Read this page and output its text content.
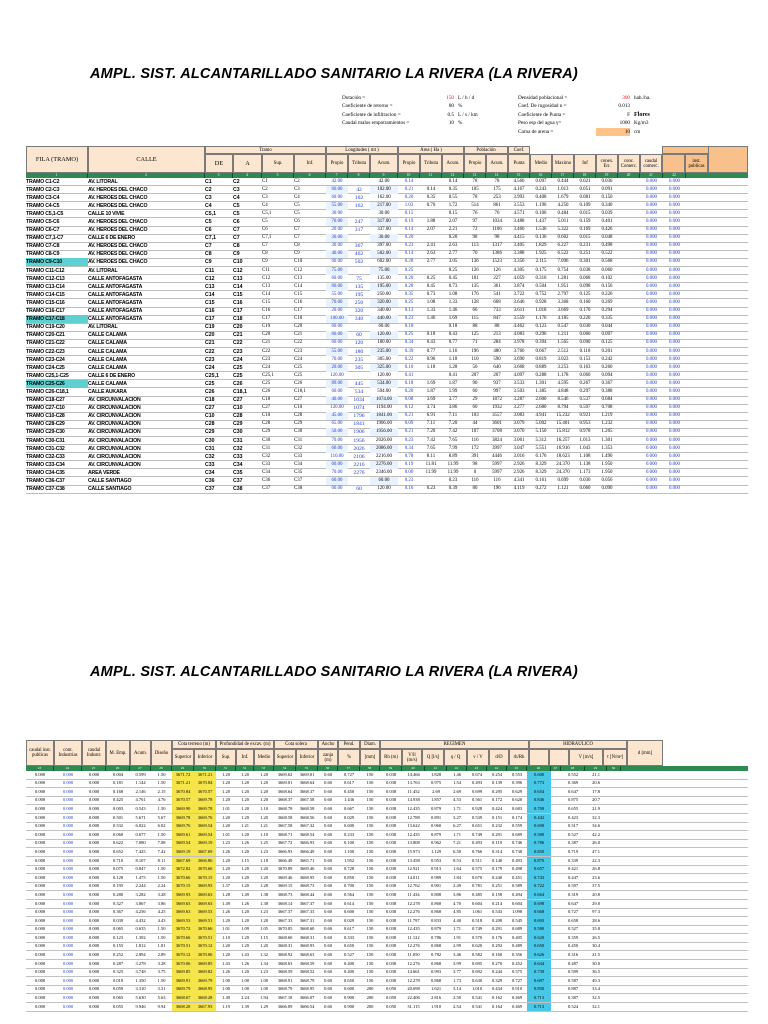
AMPL. SIST. ALCANTARILLADO SANITARIO LA RIVERA (LA RIVERA)
Dotación =	150 L / h / d
Coeficiente de retorno =	80 %
Coeficiente de infiltracion =	0.5 L / s / km
Caudal malos empotramientos =	10 %
Densidad poblacional =	300 hab./ha.
Coef. De rugosidad n =	0.013
Coeficiente de Punta =	F Flores
Peso esp del agua γ=	1000 Kg/m3
Carna de arena =	10 cm
FILA (TRAMO)	CALLE
Tramo
DE	A	Sup.	Inf.
Longitudes ( mt )
Propio	Tributa	Acum.
Área ( Ha )
Propio	Tributa	Acum.
Población
Propio	Acum.
Coef.
Punta	Medio	Maximo	Inf	conex. Err.
conc. Comerc.
caudal comerc.
inst. publicas
1	2	3	4	5	6	7	8	9	10	11	12	13	14	15	16	17	18	19	20	21	22
TRAMO C1-C2	AV. LITORAL	C1	C2	C1	C2	42.00	42.00	0.14	0.14	78	78	4.566	0.097	0.444	0.021	0.036	0.000	0.000
TRAMO C2-C3	AV. HEROES DEL CHACO	C2	C3	C2	C3	60.00	42	102.00	0.21	0.14	0.35	105	175	4.167	0.243	1.013	0.051	0.091	0.000	0.000
TRAMO C3-C4	AV. HEROES DEL CHACO	C3	C4	C3	C4	60.00	102	162.00	0.20	0.35	0.55	78	253	3.993	0.408	1.679	0.081	0.150	0.000	0.000
TRAMO C4-C5	AV. HEROES DEL CHACO	C4	C5	C4	C5	55.00	162	217.00	1.03	0.70	1.72	514	861	3.553	1.196	4.250	0.109	0.340	0.000	0.000
TRAMO C5,1-C5	CALLE 10 VIVIE	C5,1	C5	C5,1	C5	30.00	30.00	0.15	0.15	76	76	4.571	0.106	0.484	0.015	0.039	0.000	0.000
TRAMO C5-C6	AV. HEROES DEL CHACO	C5	C6	C5	C6	70.00	247	317.00	0.19	1.88	2.07	97	1034	3.488	1.437	5.011	0.159	0.401	0.000	0.000
TRAMO C6-C7	AV. HEROES DEL CHACO	C6	C7	C6	C7	20.00	317	337.00	0.14	2.07	2.21	72	1106	3.466	1.536	5.322	0.169	0.426	0.000	0.000
TRAMO C7,1-C7	CALLE 6 DE ENERO	C7,1	C7	C7,1	C7	30.00	30.00	0.20	0.20	98	98	4.415	0.136	0.602	0.015	0.048	0.000	0.000
TRAMO C7-C8	AV. HEROES DEL CHACO	C7	C8	C7	C8	30.00	367	397.00	0.23	2.41	2.63	113	1317	3.405	1.829	6.227	0.231	0.498	0.000	0.000
TRAMO C8-C9	AV. HEROES DEL CHACO	C8	C9	C8	C9	40.00	462	502.00	0.14	2.63	2.77	70	1386	3.388	1.925	6.522	0.251	0.522	0.000	0.000
TRAMO C9-C10	AV. HEROES DEL CHACO	C9	C10	C9	C10	60.00	502	602.00	0.28	2.77	3.05	136	1523	3.356	2.115	7.096	0.301	0.568	0.000	0.000
TRAMO C11-C12	AV. LITORAL	C11	C12	C11	C12	75.00	75.00	0.25	0.25	126	126	4.305	0.175	0.754	0.038	0.060	0.000	0.000
TRAMO C12-C13	CALLE ANTOFAGASTA	C12	C13	C12	C13	60.00	75	135.00	0.20	0.25	0.45	101	227	4.059	0.316	1.281	0.068	0.102	0.000	0.000
TRAMO C13-C14	CALLE ANTOFAGASTA	C13	C14	C13	C14	60.00	135	195.00	0.28	0.45	0.73	135	361	3.874	0.504	1.951	0.098	0.156	0.000	0.000
TRAMO C14-C15	CALLE ANTOFAGASTA	C14	C15	C14	C15	55.00	195	250.00	0.35	0.73	1.08	176	541	3.722	0.752	2.797	0.125	0.226	0.000	0.000
TRAMO C15-C16	CALLE ANTOFAGASTA	C15	C16	C15	C16	70.00	250	320.00	0.25	1.08	1.33	128	668	3.646	0.928	3.368	0.160	0.269	0.000	0.000
TRAMO C16-C17	CALLE ANTOFAGASTA	C16	C17	C16	C17	20.00	320	340.00	0.13	1.33	1.46	66	733	3.611	1.018	3.669	0.170	0.294	0.000	0.000
TRAMO C17-C18	CALLE ANTOFAGASTA	C17	C18	C17	C18	100.00	340	440.00	0.23	1.46	1.69	115	847	3.559	1.176	4.185	0.220	0.335	0.000	0.000
TRAMO C19-C20	AV. LITORAL	C19	C20	C19	C20	60.00	60.00	0.18	0.18	88	88	4.462	0.123	0.547	0.030	0.044	0.000	0.000
TRAMO C20-C21	CALLE CALAMA	C20	C21	C20	C21	60.00	60	120.00	0.25	0.18	0.43	125	213	4.083	0.296	1.211	0.060	0.097	0.000	0.000
TRAMO C21-C22	CALLE CALAMA	C21	C22	C21	C22	60.00	120	180.00	0.34	0.43	0.77	71	284	3.978	0.394	1.565	0.090	0.125	0.000	0.000
TRAMO C22-C23	CALLE CALAMA	C22	C23	C22	C23	55.00	180	235.00	0.39	0.77	1.16	196	480	3.766	0.667	2.512	0.118	0.201	0.000	0.000
TRAMO C23-C24	CALLE CALAMA	C23	C24	C23	C24	70.00	235	305.00	0.22	0.96	1.18	110	590	3.690	0.819	3.023	0.153	0.242	0.000	0.000
TRAMO C24-C25	CALLE CALAMA	C24	C25	C24	C25	20.00	305	325.00	0.10	1.18	1.28	50	640	3.668	0.889	3.253	0.163	0.260	0.000	0.000
TRAMO C25,1-C25	CALLE 6 DE ENERO	C25,1	C25	C25,1	C25	120.00	120.00	0.41	0.41	207	207	4.097	0.288	1.178	0.060	0.094	0.000	0.000
TRAMO C25-C26	CALLE CALAMA	C25	C26	C25	C26	89.00	445	534.00	0.18	1.69	1.87	90	937	3.533	1.301	4.595	0.267	0.367	0.000	0.000
TRAMO C26-C18,1	CALLE AUKARA	C26	C18,1	C26	C18,1	60.00	534	594.00	0.20	1.87	1.99	60	997	3.503	1.385	4.848	0.297	0.388	0.000	0.000
TRAMO C18-C27	AV. CIRCUNVALACION	C18	C27	C18	C27	40.00	1034	1074.00	0.08	3.69	3.77	29	1872	3.287	2.600	8.546	0.537	0.684	0.000	0.000
TRAMO C27-C10	AV. CIRCUNVALACION	C27	C10	C27	C10	120.00	1074	1194.00	0.12	3.74	3.86	60	1932	3.277	2.680	8.794	0.597	0.708	0.000	0.000
TRAMO C10-C28	AV. CIRCUNVALACION	C10	C28	C10	C28	45.00	1796	1841.00	0.21	6.91	7.11	103	3557	3.083	4.941	15.232	0.921	1.219	0.000	0.000
TRAMO C28-C29	AV. CIRCUNVALACION	C28	C29	C28	C29	65.00	1841	1906.00	0.09	7.11	7.20	44	3601	3.079	5.002	15.401	0.953	1.232	0.000	0.000
TRAMO C29-C30	AV. CIRCUNVALACION	C29	C30	C29	C30	50.00	1906	1956.00	0.21	7.20	7.42	107	3708	3.070	5.150	15.812	0.978	1.265	0.000	0.000
TRAMO C30-C31	AV. CIRCUNVALACION	C30	C31	C30	C31	70.00	1956	2026.00	0.23	7.42	7.65	116	3824	3.061	5.312	16.257	1.013	1.301	0.000	0.000
TRAMO C31-C32	AV. CIRCUNVALACION	C31	C32	C31	C32	60.00	2026	2086.00	0.34	7.65	7.99	172	3997	3.047	5.551	16.916	1.043	1.353	0.000	0.000
TRAMO C32-C33	AV. CIRCUNVALACION	C32	C33	C32	C33	110.00	2106	2216.00	0.78	8.11	8.89	391	4446	3.016	6.176	18.623	1.108	1.490	0.000	0.000
TRAMO C33-C34	AV. CIRCUNVALACION	C33	C34	C33	C34	60.00	2216	2276.00	0.19	11.81	11.99	98	5997	2.926	8.329	24.370	1.138	1.950	0.000	0.000
TRAMO C34-C35	AREA VERDE	C34	C35	C34	C35	70.00	2276	2346.00	0.00	11.99	11.99	0	5997	2.926	8.329	24.370	1.173	1.950	0.000	0.000
TRAMO C36-C37	CALLE SANTIAGO	C36	C37	C36	C37	60.00	60.00	0.23	0.23	116	116	4.341	0.161	0.699	0.030	0.056	0.000	0.000
TRAMO C37-C38	CALLE SANTIAGO	C37	C38	C37	C38	60.00	60	120.00	0.16	0.23	0.39	80	196	4.119	0.272	1.121	0.060	0.090	0.000	0.000
AMPL. SIST. ALCANTARILLADO SANITARIO LA RIVERA (LA RIVERA)
caudal inst. publicas
cont. Industrias
caudal Industr.	M. Emp.	Acum.	Diseño
Cota terreno (m)
Superior	Inferior
Profundidad de excav. (m)
Sup.	Inf.	Medio
Cota solera
Superior	Inferior
Ancho
zanja (m)
Pend.
%
Diam.
[mm]	Rh (m)	V/ll (m/s)	Q [l/s]	q / Q	v / V	d/D	rh/Rh
REGIMEN	HIDRAULICO
V [m/s]	τ [N/m²]
d [mm]
23	24	25	26	27	28	29	30	31	32	33	34	35	36	37	38	39	40	41	42	43	44	45	46	47	48	49	50
0.000	0.000	0.000	0.004	0.599	1.50	3671.72	3671.21	1.20	1.20	1.20	3669.62	3669.01	0.60	0.727	150	0.038	14.466	1.828	1.46	0.674	0.254	0.553	0.600	0.552	21.1
0.000	0.000	0.000	0.181	1.144	1.50	3671.21	3670.84	1.20	1.20	1.20	3669.01	3668.64	0.60	0.617	150	0.038	13.763	0.975	1.54	0.493	0.139	0.396	0.773	0.369	20.6
0.000	0.000	0.000	0.168	2.146	2.15	3670.84	3670.57	1.20	1.20	1.20	3668.64	3668.37	0.60	0.450	150	0.038	11.452	2.69	2.69	0.699	0.295	0.629	0.654	0.647	17.8
0.000	0.000	0.000	0.425	4.761	4.76	3670.57	3669.78	1.20	1.20	1.20	3668.37	3667.58	0.60	1.436	150	0.038	14.938	1.857	4.53	0.561	0.172	0.620	0.846	0.875	20.7
0.000	0.000	0.000	0.003	0.543	1.50	3669.90	3669.78	1.01	1.20	1.10	3668.78	3668.58	0.60	0.667	150	0.038	12.435	0.879	1.71	0.928	0.424	0.683	0.700	0.655	21.9
0.000	0.000	0.000	0.501	5.671	5.67	3669.78	3669.76	1.20	1.20	1.20	3668.58	3668.56	0.60	0.029	150	0.038	12.788	0.891	3.27	0.539	0.151	0.174	0.442	0.423	32.3
0.000	0.000	0.000	0.532	6.022	6.02	3669.76	3669.54	1.20	1.21	1.21	3667.58	3667.32	0.60	0.600	150	0.038	13.622	0.960	6.27	0.651	0.232	0.559	0.690	0.517	34.6
0.000	0.000	0.000	0.060	0.677	1.50	3669.61	3669.54	1.01	1.20	1.10	3668.71	3668.54	0.60	0.233	150	0.038	12.435	0.879	1.71	0.749	0.291	0.689	0.580	0.527	42.2
0.000	0.000	0.000	0.622	7.080	7.08	3669.54	3669.19	1.23	1.26	1.25	3667.72	3666.93	0.60	0.100	150	0.038	13.808	0.962	7.21	0.493	0.119	0.746	0.786	0.387	26.0
0.000	0.000	0.000	0.652	7.425	7.42	3669.19	3667.69	1.26	1.20	1.23	3666.93	3666.49	0.60	1.100	150	0.038	15.973	1.129	6.50	0.766	0.314	0.738	0.850	0.719	47.1
0.000	0.000	0.000	0.710	8.107	8.11	3667.69	3666.86	1.20	1.15	1.18	3666.49	3665.71	0.60	1.952	150	0.038	13.458	0.953	8.53	0.511	0.140	0.493	0.870	0.339	22.3
0.000	0.000	0.000	0.075	0.847	1.50	3672.02	3670.66	1.20	1.20	1.20	3670.89	3669.46	0.60	0.728	150	0.038	12.921	0.913	1.64	0.575	0.179	0.498	0.657	0.421	26.8
0.000	0.000	0.000	0.128	1.475	1.50	3670.66	3670.15	1.20	1.20	1.20	3669.46	3668.95	0.60	0.850	150	0.038	14.011	0.989	1.84	0.670	0.240	0.451	0.743	0.447	23.6
0.000	0.000	0.000	0.195	2.244	2.24	3670.15	3669.93	1.37	1.20	1.28	3669.15	3668.73	0.60	0.700	150	0.038	12.762	0.901	2.49	0.781	0.251	0.589	0.722	0.597	37.5
0.000	0.000	0.000	0.280	3.282	3.28	3669.93	3669.63	1.28	1.49	1.38	3668.73	3668.44	0.60	0.564	150	0.038	11.434	0.808	3.86	0.485	0.158	0.494	0.664	0.319	20.8
0.000	0.000	0.000	0.327	3.867	3.86	3669.63	3669.63	1.49	1.26	1.38	3668.14	3667.37	0.60	0.614	150	0.038	12.278	0.868	4.70	0.604	0.214	0.604	0.698	0.647	29.0
0.000	0.000	0.000	0.367	4.256	4.25	3669.63	3669.53	1.26	1.20	1.23	3667.37	3667.33	0.60	0.600	150	0.038	12.276	0.868	4.85	1.061	0.543	1.098	0.668	0.727	97.3
0.000	0.000	0.000	0.039	4.432	4.43	3669.53	3669.51	1.20	1.20	1.20	3667.33	3667.31	0.60	0.029	150	0.038	11.797	0.833	4.40	0.518	0.208	0.545	0.693	0.658	28.6
0.000	0.000	0.000	0.065	0.635	1.50	3670.72	3670.66	1.01	1.09	1.05	3670.05	3668.60	0.60	0.617	150	0.038	12.435	0.879	1.71	0.749	0.291	0.689	0.580	0.527	35.8
0.000	0.000	0.000	0.123	1.392	1.50	3670.66	3670.51	1.10	1.20	1.15	3668.60	3668.31	0.60	0.333	150	0.038	11.122	0.786	1.91	0.570	0.176	0.405	0.620	0.359	26.5
0.000	0.000	0.000	0.155	1.812	1.81	3670.51	3670.12	1.20	1.20	1.20	3668.31	3668.93	0.60	0.650	150	0.038	12.276	0.868	2.99	0.620	0.292	0.489	0.650	0.450	30.4
0.000	0.000	0.000	0.252	2.894	2.89	3670.12	3670.06	1.20	1.43	1.32	3668.92	3668.63	0.60	0.527	150	0.038	11.050	0.782	3.46	0.582	0.160	0.356	0.626	0.316	21.5
0.000	0.000	0.000	0.287	3.278	3.28	3670.06	3669.85	1.43	1.26	1.34	3668.63	3668.59	0.60	0.400	150	0.038	12.276	0.868	3.99	0.695	0.270	0.452	0.644	0.487	30.0
0.000	0.000	0.000	0.325	3.748	3.75	3669.85	3669.82	1.26	1.20	1.23	3668.59	3668.52	0.60	0.400	150	0.038	14.661	0.993	3.77	0.692	0.244	0.575	0.739	0.599	36.5
0.000	0.000	0.000	0.018	1.350	1.50	3669.91	3669.79	1.00	1.00	1.00	3668.91	3668.79	0.60	0.650	150	0.038	12.278	0.868	1.73	0.630	0.329	0.727	0.697	0.587	49.3
0.000	0.000	0.000	0.059	3.310	3.31	3669.79	3668.95	1.00	1.00	1.00	3668.79	3668.95	0.60	0.600	200	0.050	20.698	1.621	3.14	1.010	0.434	0.910	0.850	0.887	33.4
0.000	0.000	0.000	0.065	5.630	5.63	3668.67	3668.28	1.49	2.24	1.94	3667.18	3666.07	0.60	0.900	200	0.050	22.406	2.816	2.50	0.541	0.162	0.469	0.713	0.387	32.5
0.000	0.000	0.000	0.055	9.946	9.94	3668.28	3667.93	1.19	1.39	1.29	3666.09	3666.54	0.60	0.900	200	0.050	31.115	1.910	2.54	0.541	0.164	0.469	0.713	0.524	32.1
